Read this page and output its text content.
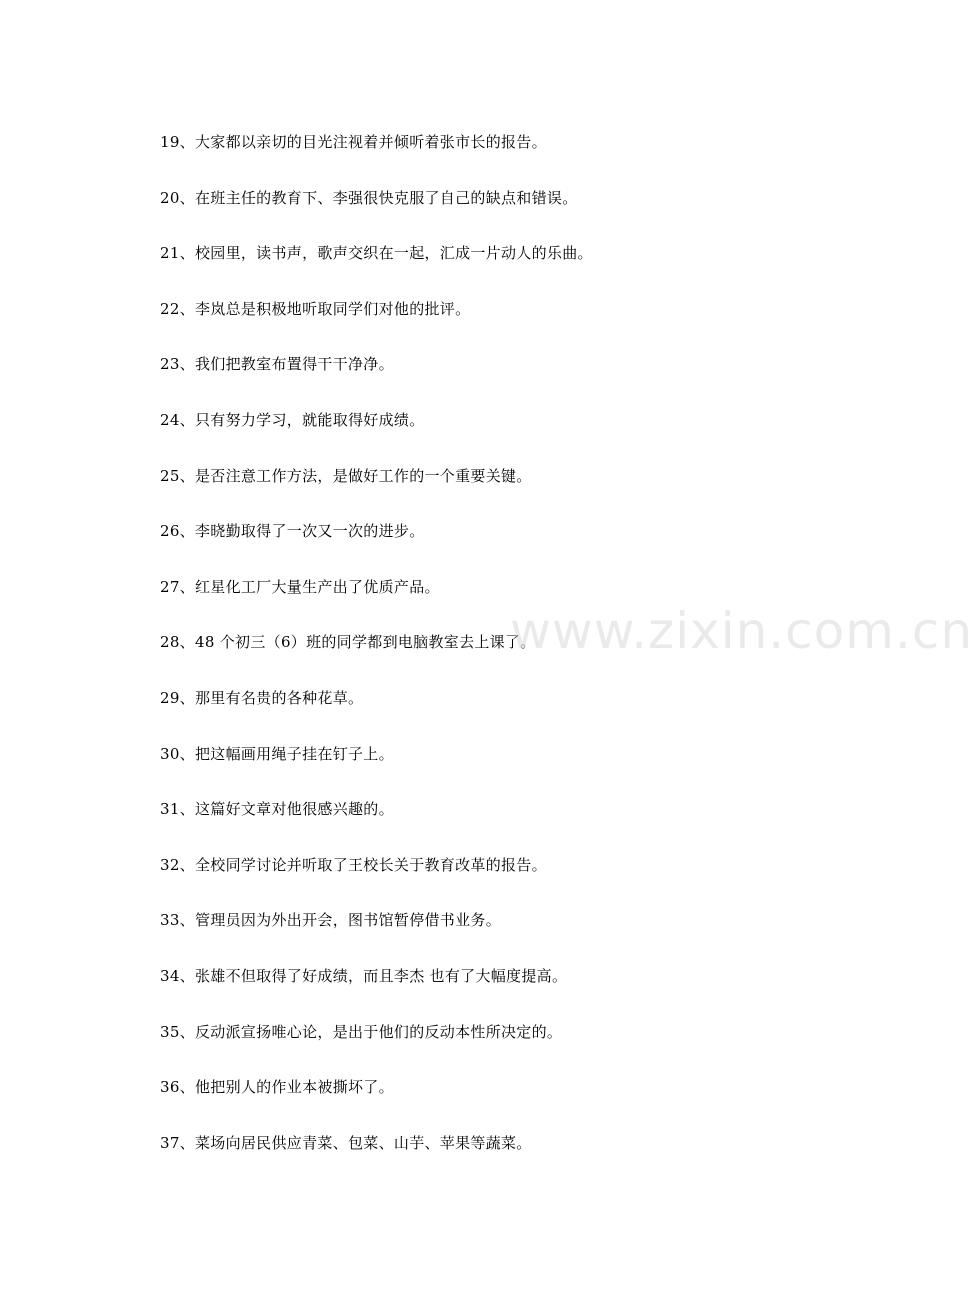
19、大家都以亲切的目光注视着并倾听着张市长的报告。
20、在班主任的教育下、李强很快克服了自己的缺点和错误。
21、校园里，读书声，歌声交织在一起，汇成一片动人的乐曲。
22、李岚总是积极地听取同学们对他的批评。
23、我们把教室布置得干干净净。
24、只有努力学习，就能取得好成绩。
25、是否注意工作方法，是做好工作的一个重要关键。
26、李晓勤取得了一次又一次的进步。
27、红星化工厂大量生产出了优质产品。
28、48 个初三（6）班的同学都到电脑教室去上课了。
29、那里有名贵的各种花草。
30、把这幅画用绳子挂在钉子上。
31、这篇好文章对他很感兴趣的。
32、全校同学讨论并听取了王校长关于教育改革的报告。
33、管理员因为外出开会，图书馆暂停借书业务。
34、张雄不但取得了好成绩，而且李杰 也有了大幅度提高。
35、反动派宣扬唯心论，是出于他们的反动本性所决定的。
36、他把别人的作业本被撕坏了。
37、菜场向居民供应青菜、包菜、山芋、苹果等蔬菜。
www.zixin.com.cn
